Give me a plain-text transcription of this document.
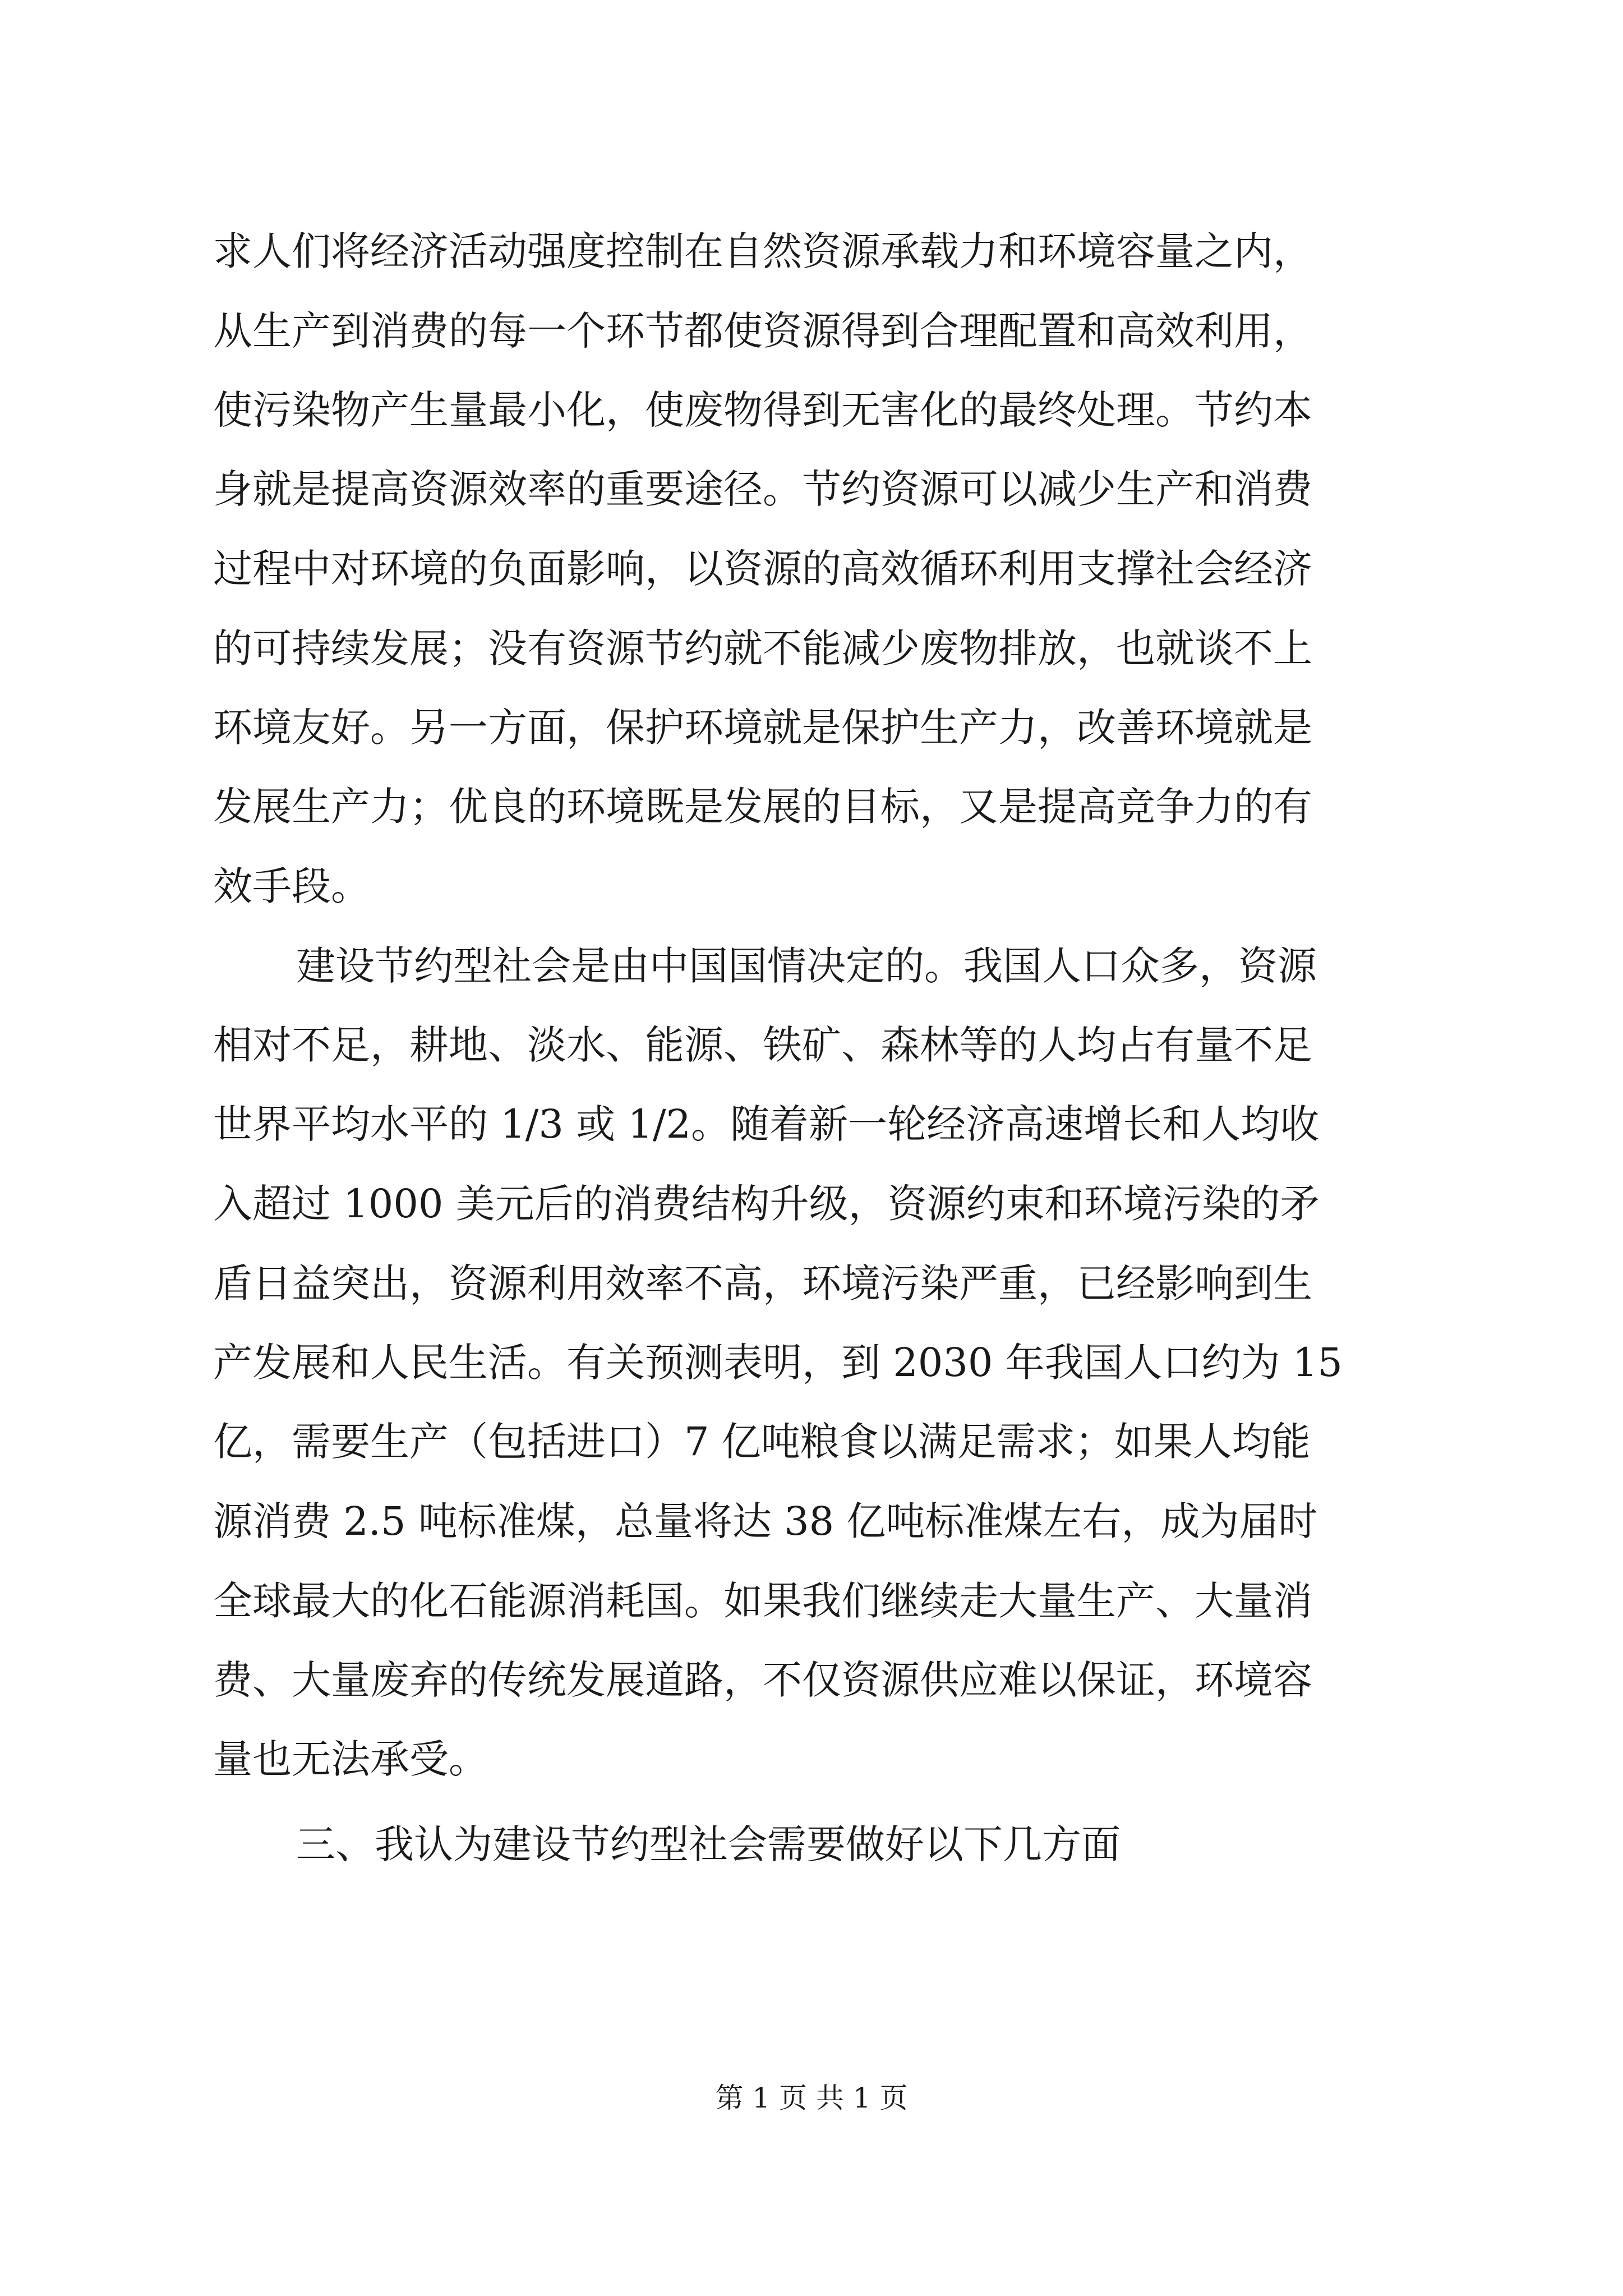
求人们将经济活动强度控制在自然资源承载力和环境容量之内，
从生产到消费的每一个环节都使资源得到合理配置和高效利用，
使污染物产生量最小化，使废物得到无害化的最终处理。节约本
身就是提高资源效率的重要途径。节约资源可以减少生产和消费
过程中对环境的负面影响，以资源的高效循环利用支撑社会经济
的可持续发展；没有资源节约就不能减少废物排放，也就谈不上
环境友好。另一方面，保护环境就是保护生产力，改善环境就是
发展生产力；优良的环境既是发展的目标，又是提高竞争力的有
效手段。
建设节约型社会是由中国国情决定的。我国人口众多，资源
相对不足，耕地、淡水、能源、铁矿、森林等的人均占有量不足
世界平均水平的 1/3 或 1/2。随着新一轮经济高速增长和人均收
入超过 1000 美元后的消费结构升级，资源约束和环境污染的矛
盾日益突出，资源利用效率不高，环境污染严重，已经影响到生
产发展和人民生活。有关预测表明，到 2030 年我国人口约为 15
亿，需要生产（包括进口）7 亿吨粮食以满足需求；如果人均能
源消费 2.5 吨标准煤，总量将达 38 亿吨标准煤左右，成为届时
全球最大的化石能源消耗国。如果我们继续走大量生产、大量消
费、大量废弃的传统发展道路，不仅资源供应难以保证，环境容
量也无法承受。
三、我认为建设节约型社会需要做好以下几方面
第 1 页 共 1 页
